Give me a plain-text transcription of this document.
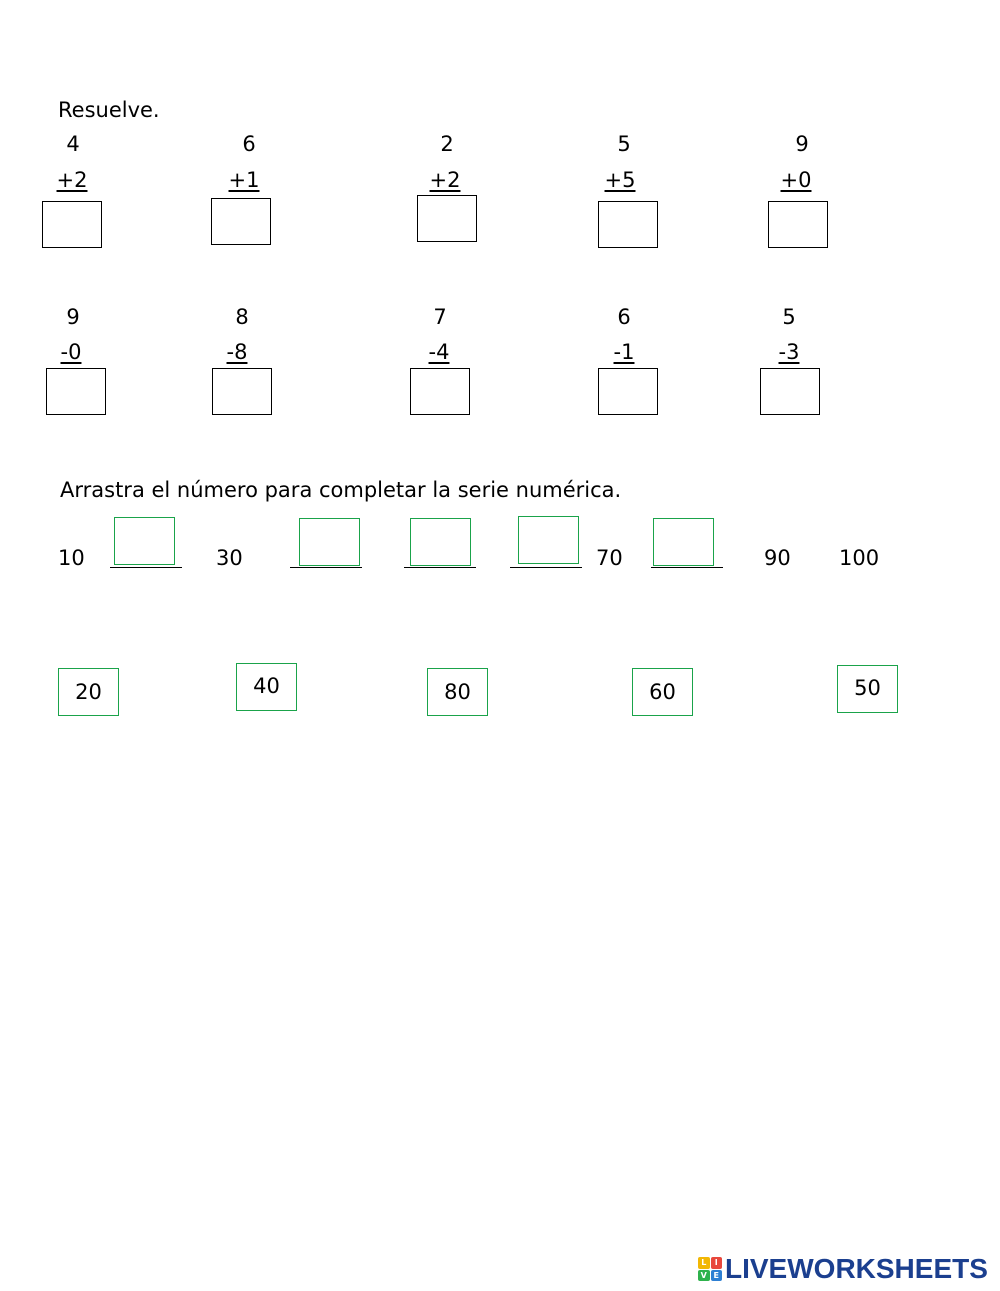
Resuelve.
4
+2
6
+1
2
+2
5
+5
9
+0
9
-0
8
-8
7
-4
6
-1
5
-3
Arrastra el número para completar la serie numérica.
10	30	70	90 100
20	40	80	60	50
L	I
V E LIVEWORKSHEETS
